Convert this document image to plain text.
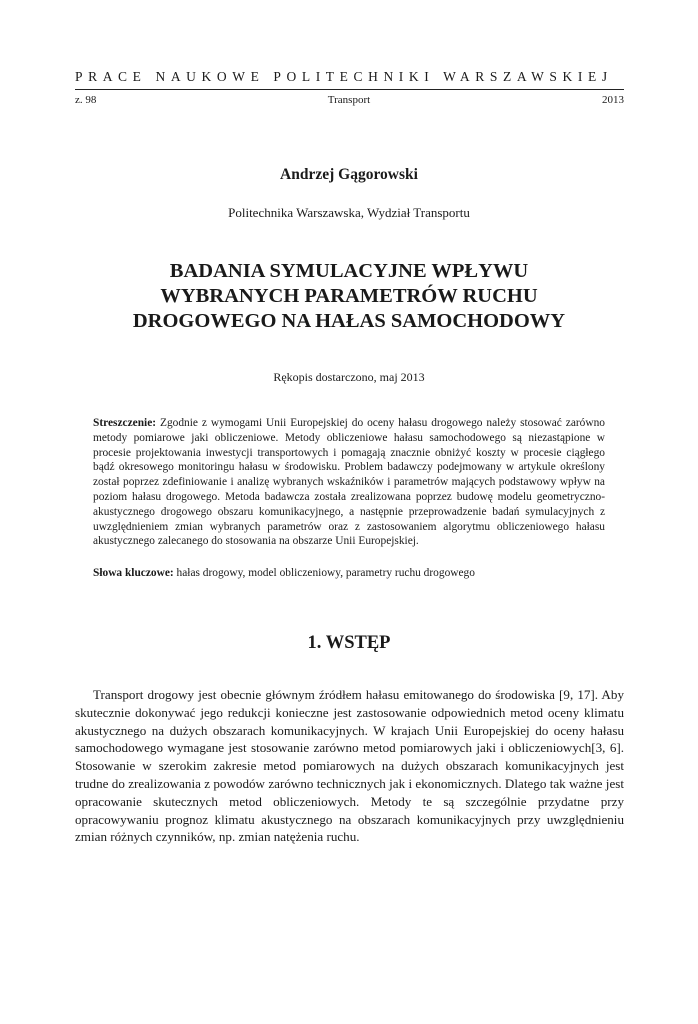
PRACE NAUKOWE POLITECHNIKI WARSZAWSKIEJ
z. 98	Transport	2013
Andrzej Gągorowski
Politechnika Warszawska, Wydział Transportu
BADANIA SYMULACYJNE WPŁYWU
WYBRANYCH PARAMETRÓW RUCHU
DROGOWEGO NA HAŁAS SAMOCHODOWY
Rękopis dostarczono, maj 2013
Streszczenie: Zgodnie z wymogami Unii Europejskiej do oceny hałasu drogowego należy stosować zarówno metody pomiarowe jaki obliczeniowe. Metody obliczeniowe hałasu samochodowego są niezastąpione w procesie projektowania inwestycji transportowych i pomagają znacznie obniżyć koszty w procesie ciągłego bądź okresowego monitoringu hałasu w środowisku. Problem badawczy podejmowany w artykule określony został poprzez zdefiniowanie i analizę wybranych wskaźników i parametrów mających podstawowy wpływ na poziom hałasu drogowego. Metoda badawcza została zrealizowana poprzez budowę modelu geometryczno-akustycznego drogowego obszaru komunikacyjnego, a następnie przeprowadzenie badań symulacyjnych z uwzględnieniem zmian wybranych parametrów oraz z zastosowaniem algorytmu obliczeniowego hałasu akustycznego zalecanego do stosowania na obszarze Unii Europejskiej.
Słowa kluczowe: hałas drogowy, model obliczeniowy, parametry ruchu drogowego
1. WSTĘP
Transport drogowy jest obecnie głównym źródłem hałasu emitowanego do środowiska [9, 17]. Aby skutecznie dokonywać jego redukcji konieczne jest zastosowanie odpowiednich metod oceny klimatu akustycznego na dużych obszarach komunikacyjnych. W krajach Unii Europejskiej do oceny hałasu samochodowego wymagane jest stosowanie zarówno metod pomiarowych jaki i obliczeniowych[3, 6]. Stosowanie w szerokim zakresie metod pomiarowych na dużych obszarach komunikacyjnych jest trudne do zrealizowania z powodów zarówno technicznych jak i ekonomicznych. Dlatego tak ważne jest opracowanie skutecznych metod obliczeniowych. Metody te są szczególnie przydatne przy opracowywaniu prognoz klimatu akustycznego na obszarach komunikacyjnych przy uwzględnieniu zmian różnych czynników, np. zmian natężenia ruchu.
